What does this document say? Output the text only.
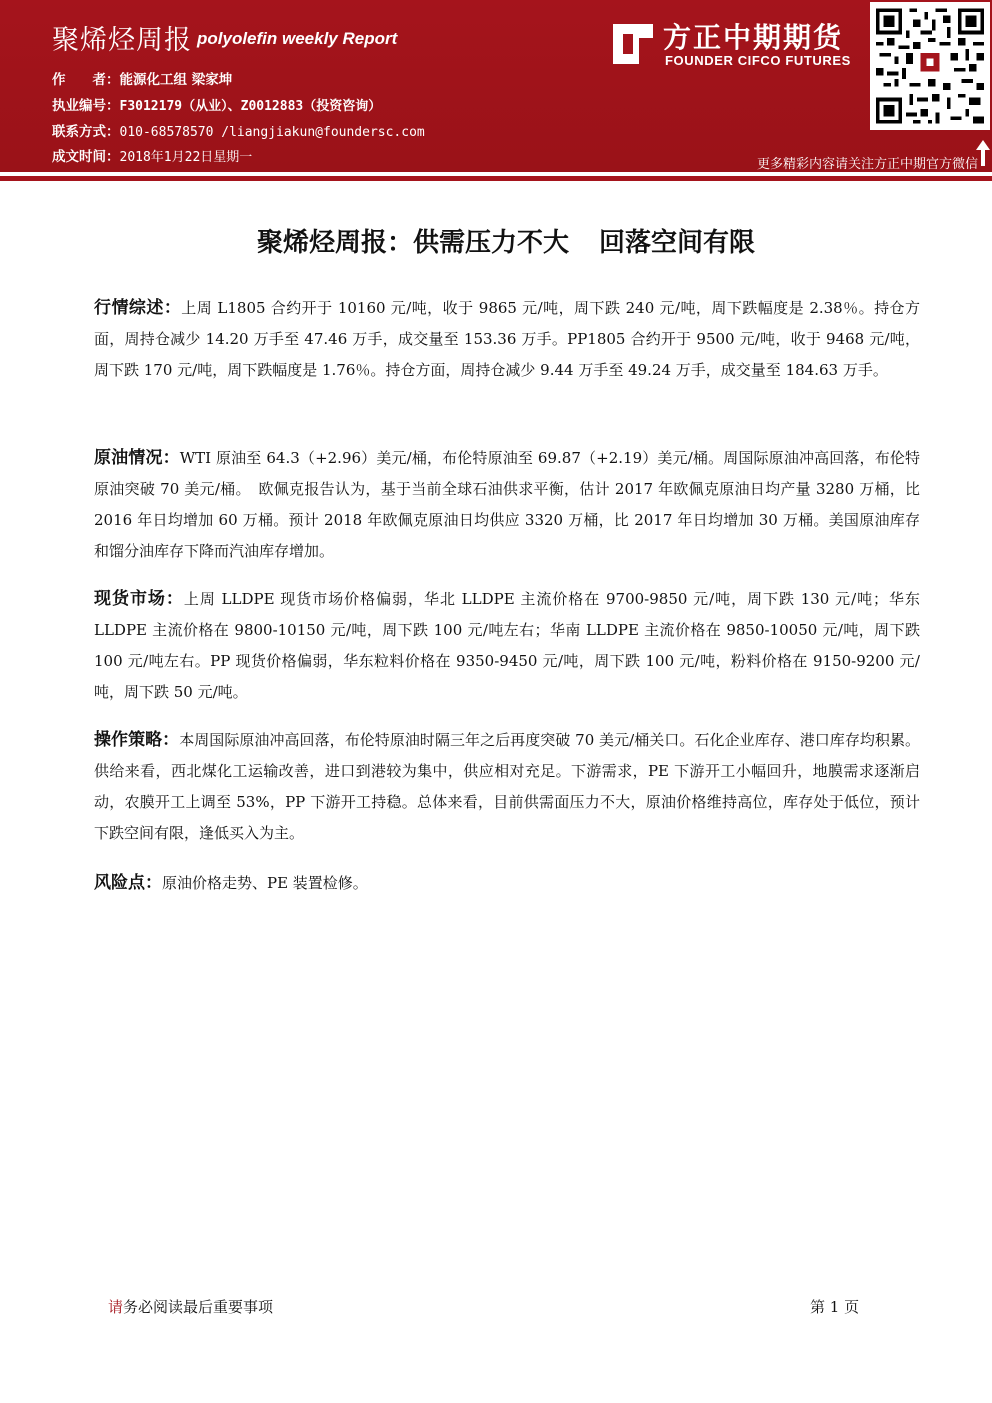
聚烯烃周报 polyolefin weekly Report
作　　者：能源化工组 梁家坤
执业编号：F3012179（从业）、Z0012883（投资咨询）
联系方式：010-68578570 /liangjiakun@foundersc.com
成文时间：2018年1月22日星期一
方正中期期货
FOUNDER CIFCO FUTURES
更多精彩内容请关注方正中期官方微信
聚烯烃周报：供需压力不大 回落空间有限
行情综述：上周 L1805 合约开于 10160 元/吨，收于 9865 元/吨，周下跌 240 元/吨，周下跌幅度是 2.38％。持仓方面，周持仓减少 14.20 万手至 47.46 万手，成交量至 153.36 万手。PP1805 合约开于 9500 元/吨，收于 9468 元/吨，周下跌 170 元/吨，周下跌幅度是 1.76％。持仓方面，周持仓减少 9.44 万手至 49.24 万手，成交量至 184.63 万手。
原油情况：WTI 原油至 64.3（+2.96）美元/桶，布伦特原油至 69.87（+2.19）美元/桶。周国际原油冲高回落，布伦特原油突破 70 美元/桶。　欧佩克报告认为，基于当前全球石油供求平衡，估计 2017 年欧佩克原油日均产量 3280 万桶，比 2016 年日均增加 60 万桶。预计 2018 年欧佩克原油日均供应 3320 万桶，比 2017 年日均增加 30 万桶。美国原油库存和馏分油库存下降而汽油库存增加。
现货市场：上周 LLDPE 现货市场价格偏弱，华北 LLDPE 主流价格在 9700-9850 元/吨，周下跌 130 元/吨；华东 LLDPE 主流价格在 9800-10150 元/吨，周下跌 100 元/吨左右；华南 LLDPE 主流价格在 9850-10050 元/吨，周下跌 100 元/吨左右。PP 现货价格偏弱，华东粒料价格在 9350-9450 元/吨，周下跌 100 元/吨，粉料价格在 9150-9200 元/吨，周下跌 50 元/吨。
操作策略：本周国际原油冲高回落，布伦特原油时隔三年之后再度突破 70 美元/桶关口。石化企业库存、港口库存均积累。供给来看，西北煤化工运输改善，进口到港较为集中，供应相对充足。下游需求，PE 下游开工小幅回升，地膜需求逐渐启动，农膜开工上调至 53%，PP 下游开工持稳。总体来看，目前供需面压力不大，原油价格维持高位，库存处于低位，预计下跌空间有限，逢低买入为主。
风险点：原油价格走势、PE 装置检修。
请务必阅读最后重要事项	第 1 页
